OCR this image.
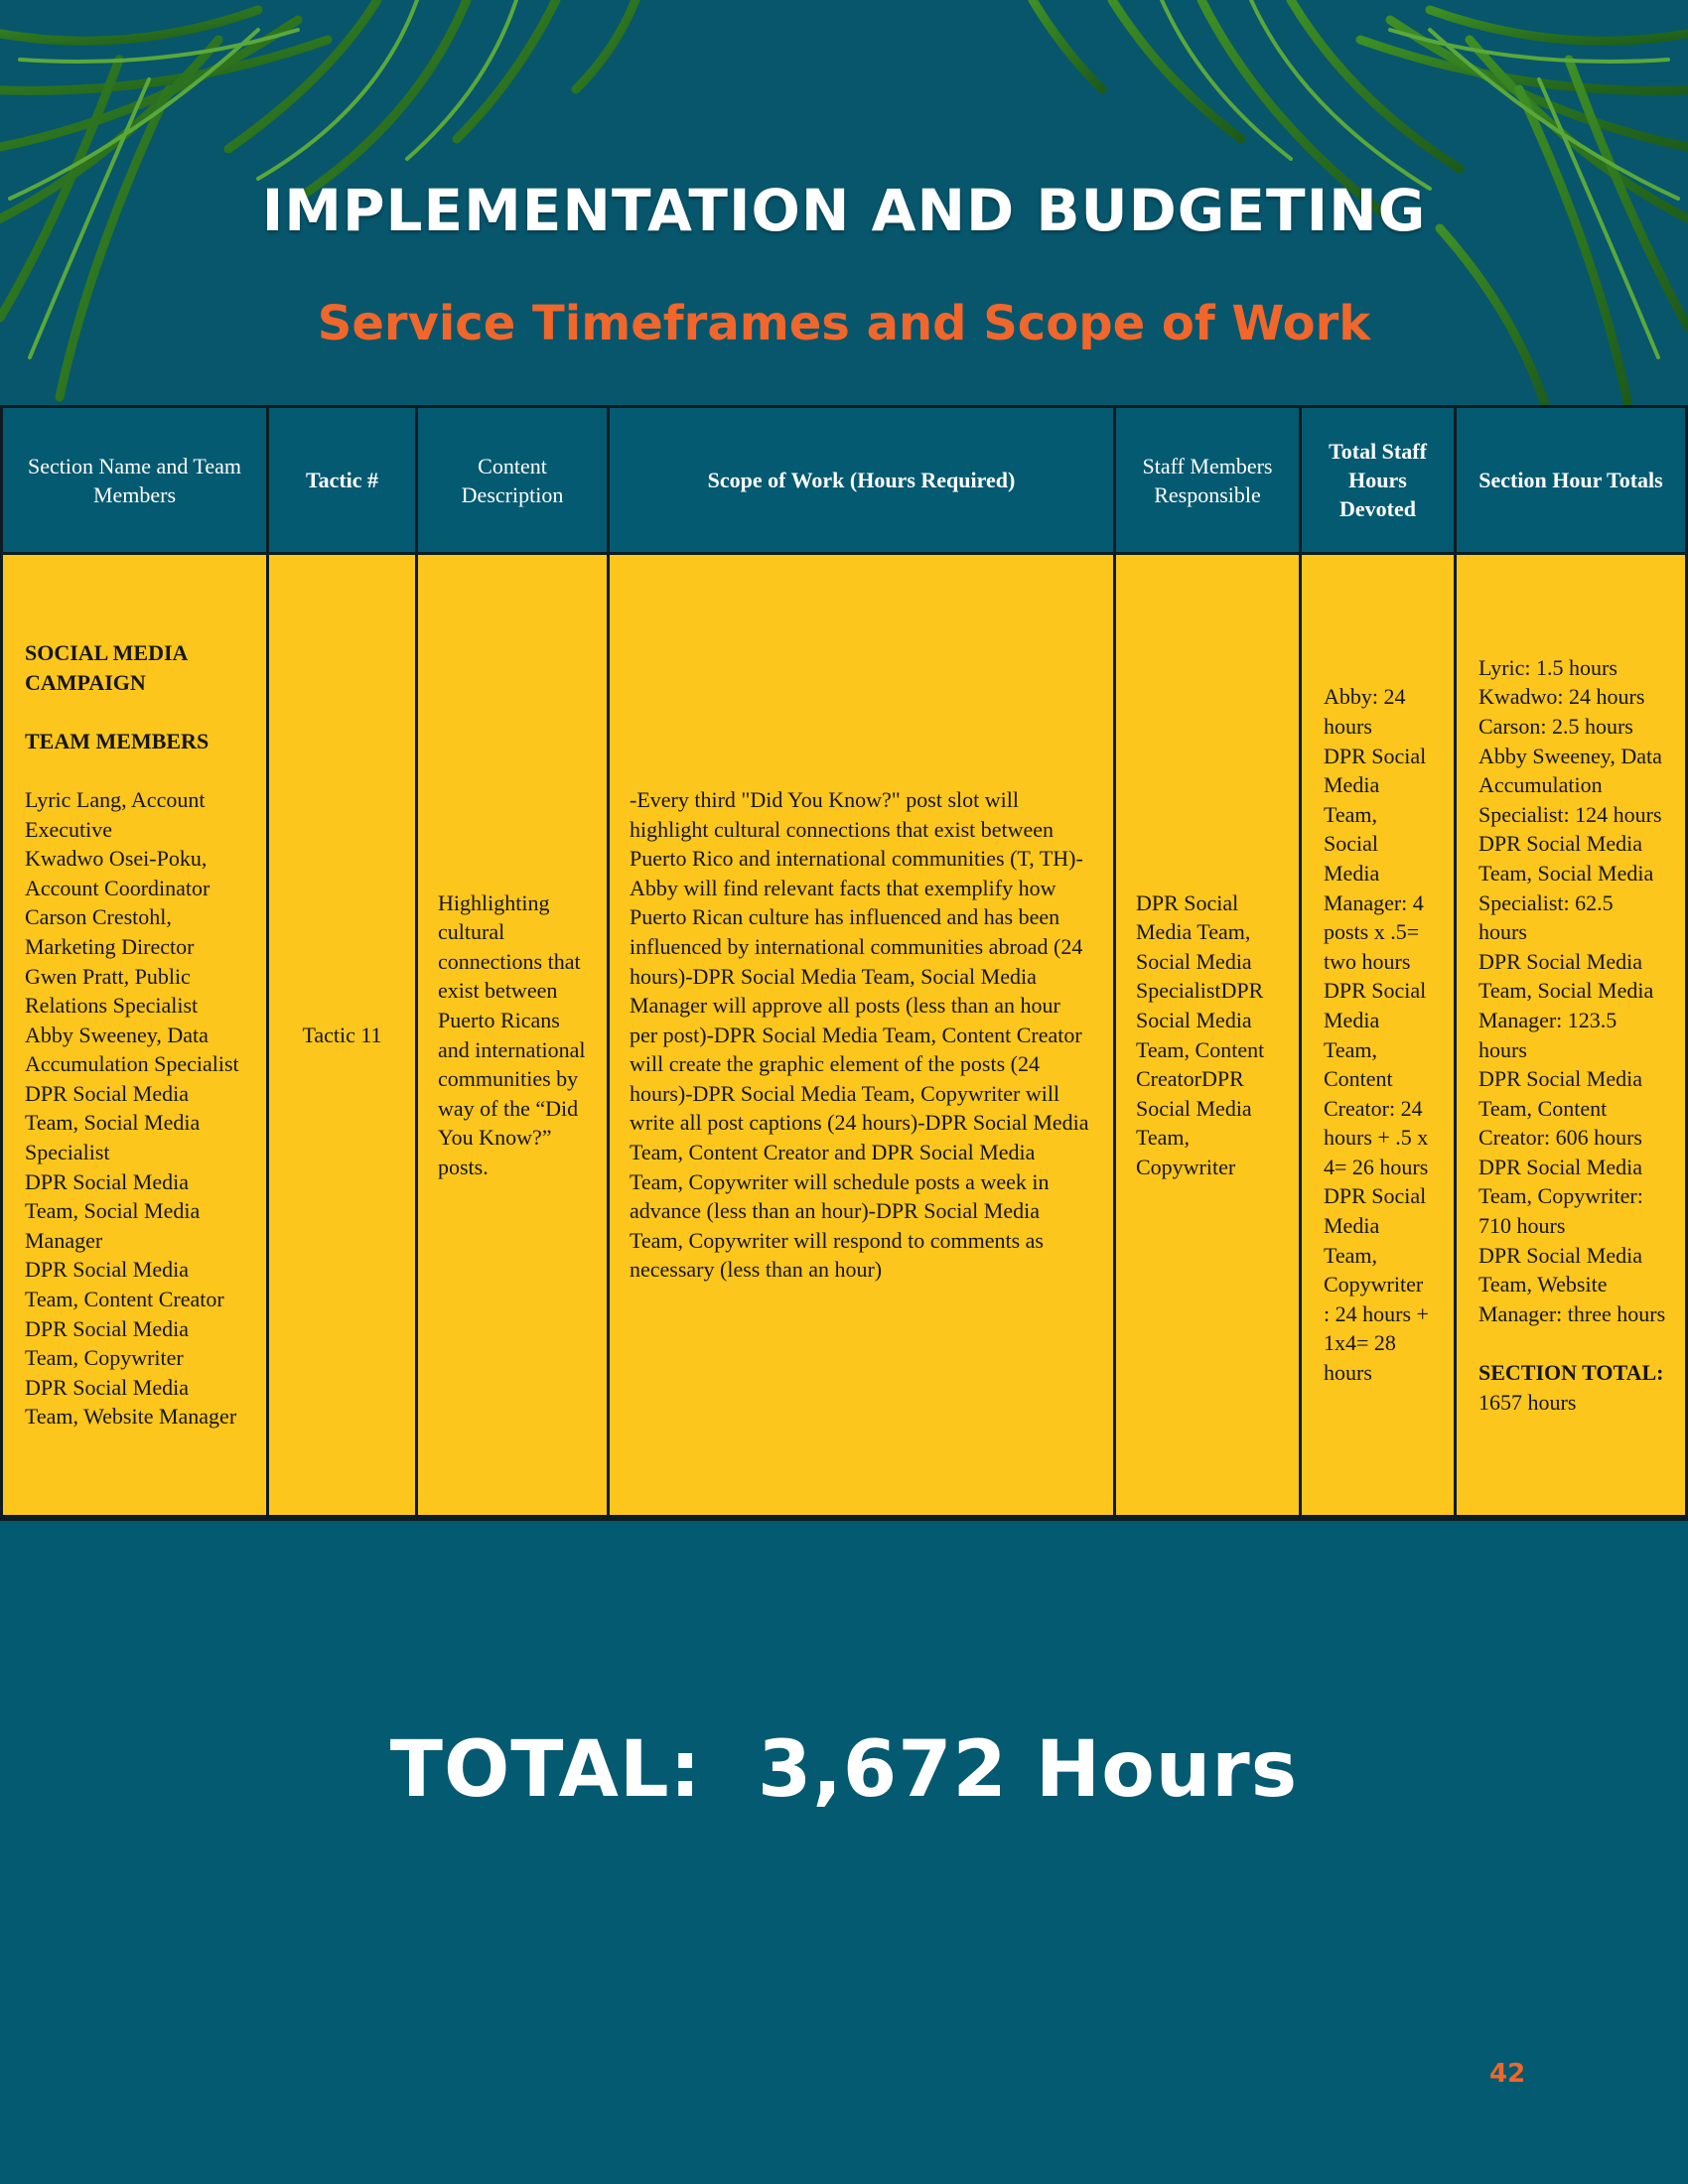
IMPLEMENTATION AND BUDGETING
Service Timeframes and Scope of Work
Section Name and Team Members
Tactic #
Content Description
Scope of Work (Hours Required)
Staff Members Responsible
Total Staff Hours Devoted
Section Hour Totals
SOCIAL MEDIA CAMPAIGN
TEAM MEMBERS
Lyric Lang, Account Executive
Kwadwo Osei-Poku, Account Coordinator
Carson Crestohl, Marketing Director
Gwen Pratt, Public Relations Specialist
Abby Sweeney, Data Accumulation Specialist
DPR Social Media Team, Social Media Specialist
DPR Social Media Team, Social Media Manager
DPR Social Media Team, Content Creator
DPR Social Media Team, Copywriter
DPR Social Media Team, Website Manager
Tactic 11
Highlighting cultural connections that exist between Puerto Ricans and international communities by way of the “Did You Know?” posts.
-Every third "Did You Know?" post slot will highlight cultural connections that exist between Puerto Rico and international communities (T, TH)-Abby will find relevant facts that exemplify how Puerto Rican culture has influenced and has been influenced by international communities abroad (24 hours)-DPR Social Media Team, Social Media Manager will approve all posts (less than an hour per post)-DPR Social Media Team, Content Creator will create the graphic element of the posts (24 hours)-DPR Social Media Team, Copywriter will write all post captions (24 hours)-DPR Social Media Team, Content Creator and DPR Social Media Team, Copywriter will schedule posts a week in advance (less than an hour)-DPR Social Media Team, Copywriter will respond to comments as necessary (less than an hour)
DPR Social Media Team, Social Media SpecialistDPR Social Media Team, Content CreatorDPR Social Media Team, Copywriter
Abby: 24 hours
DPR Social Media Team, Social Media Manager: 4 posts x .5= two hours
DPR Social Media Team, Content Creator: 24 hours + .5 x 4= 26 hours
DPR Social Media Team, Copywriter : 24 hours + 1x4= 28 hours
Lyric: 1.5 hours
Kwadwo: 24 hours
Carson: 2.5 hours
Abby Sweeney, Data Accumulation Specialist: 124 hours
DPR Social Media Team, Social Media Specialist: 62.5 hours
DPR Social Media Team, Social Media Manager: 123.5 hours
DPR Social Media Team, Content Creator: 606 hours
DPR Social Media Team, Copywriter: 710 hours
DPR Social Media Team, Website Manager: three hours
SECTION TOTAL: 1657 hours
TOTAL:  3,672 Hours
42
